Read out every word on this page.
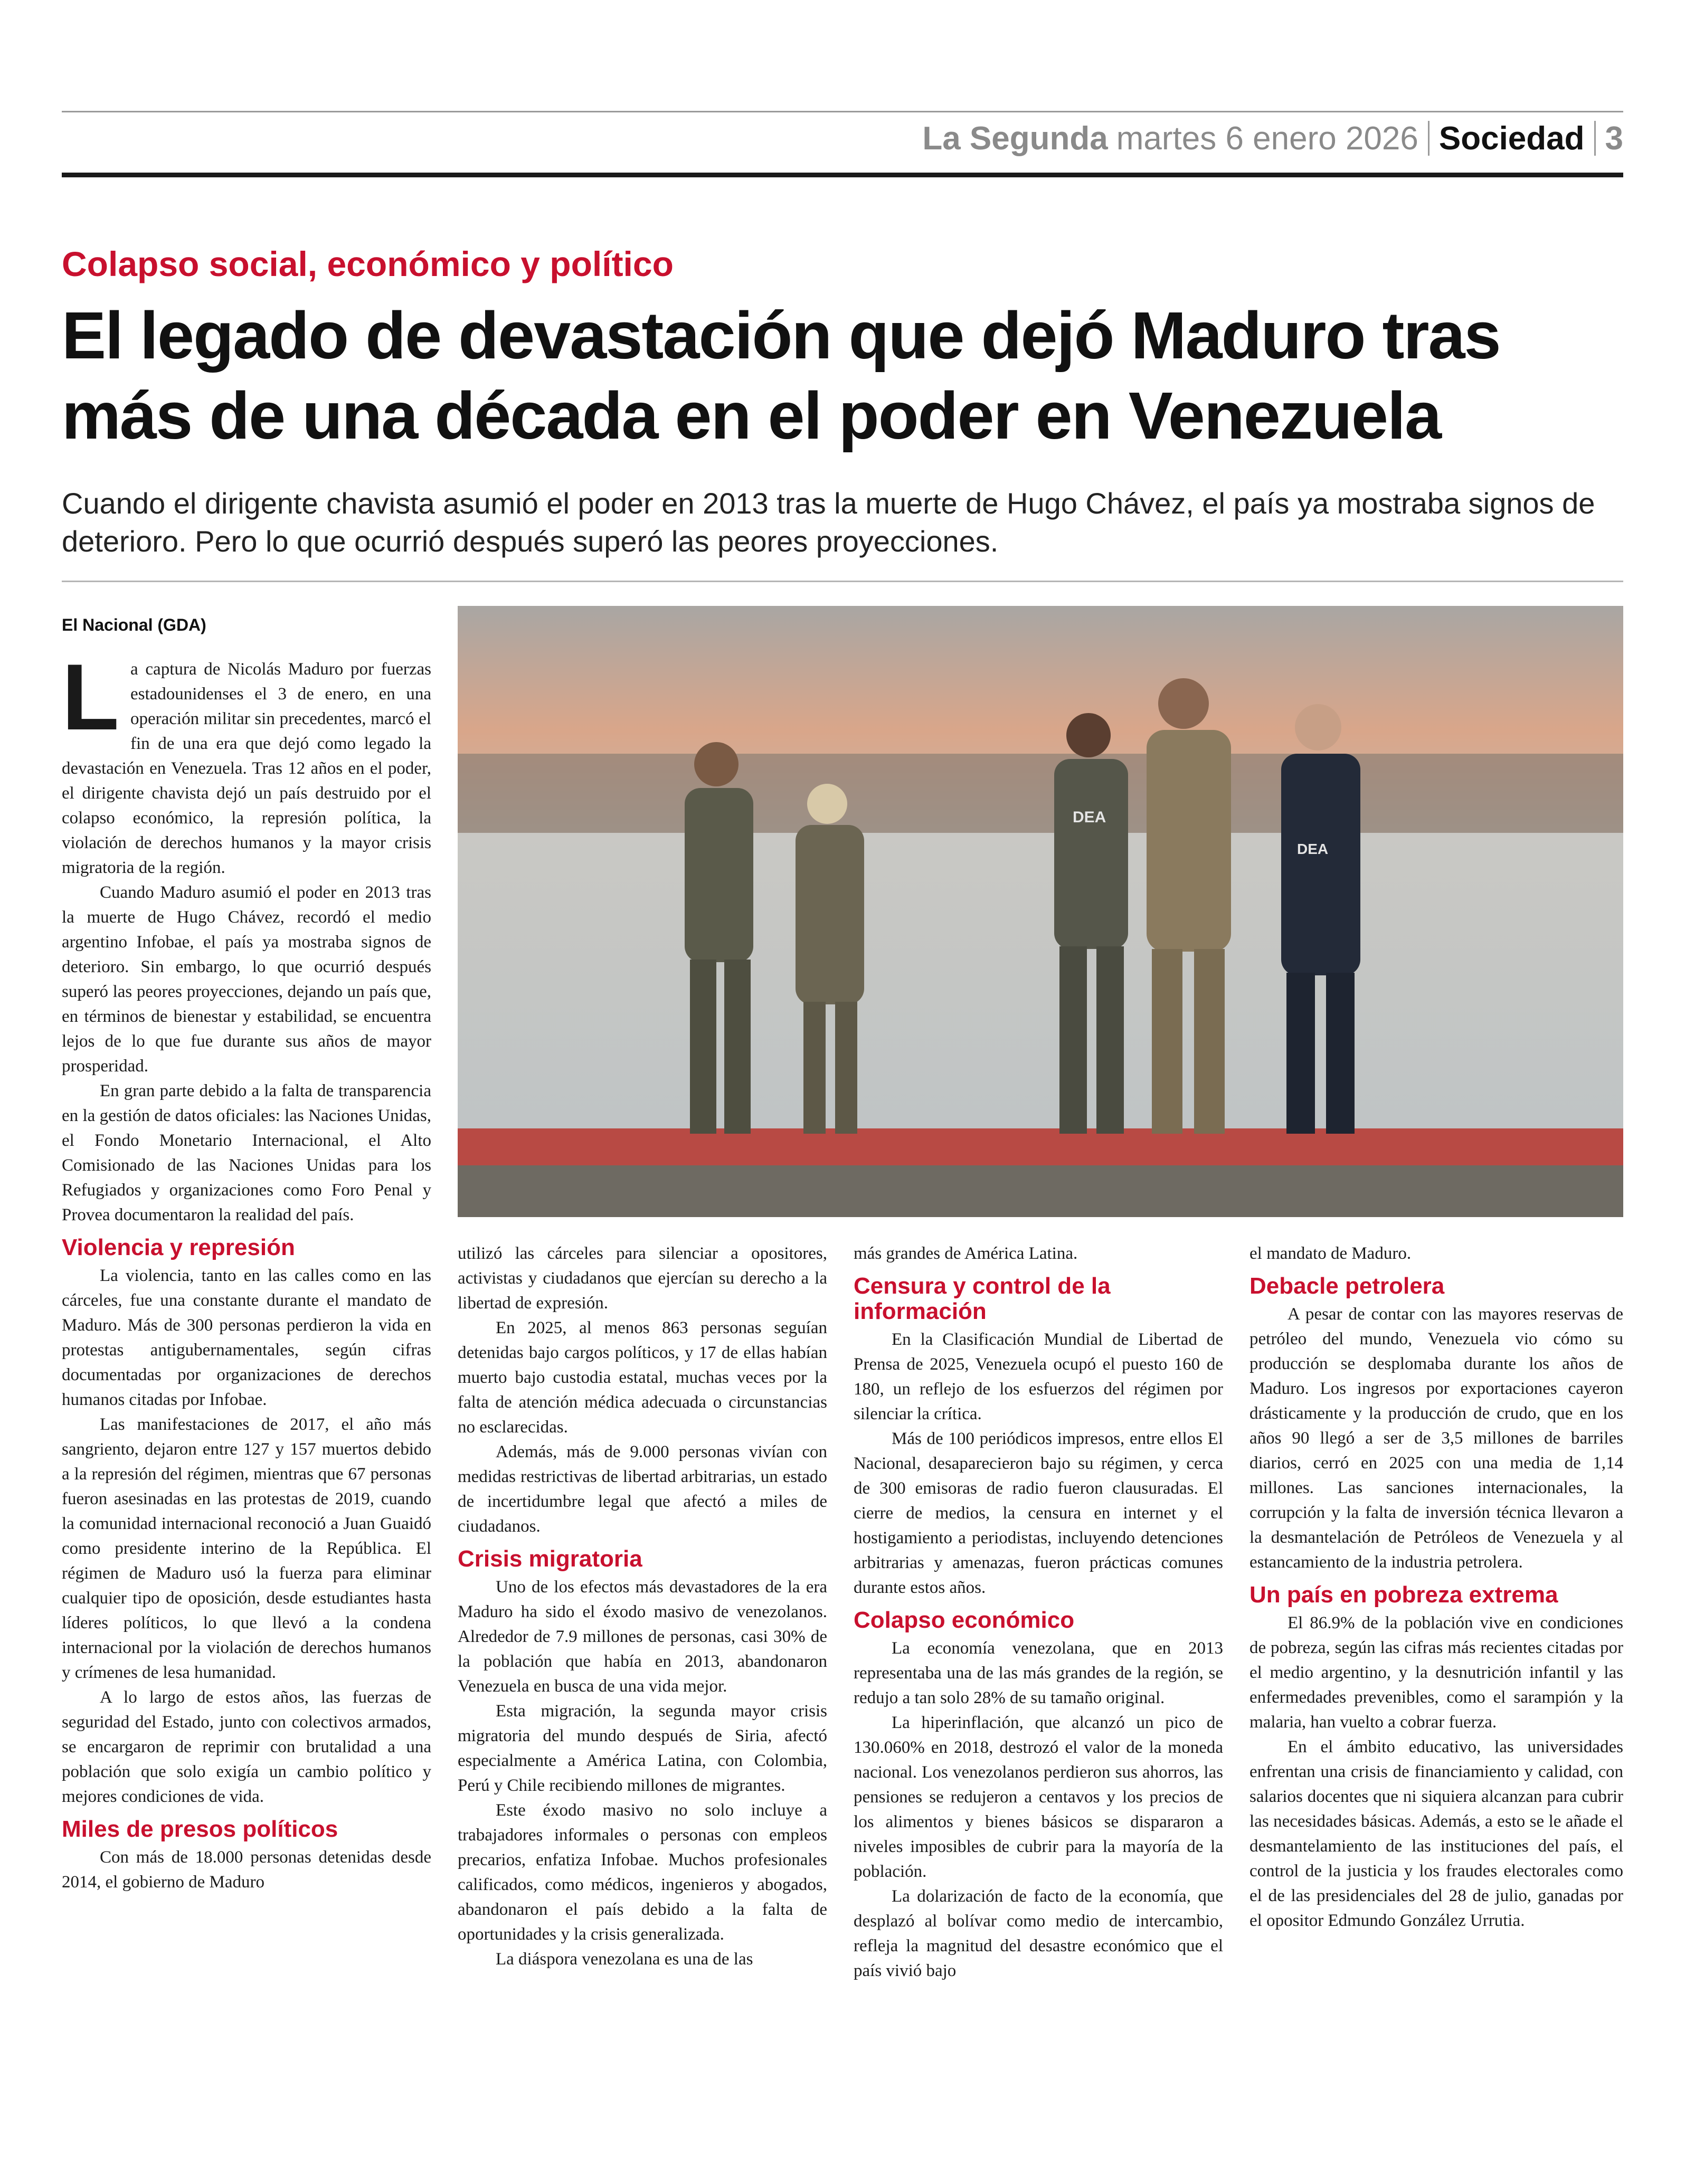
La Segunda martes 6 enero 2026 Sociedad 3
Colapso social, económico y político
El legado de devastación que dejó Maduro tras más de una década en el poder en Venezuela

Cuando el dirigente chavista asumió el poder en 2013 tras la muerte de Hugo Chávez, el país ya mostraba signos de deterioro. Pero lo que ocurrió después superó las peores proyecciones.

El Nacional (GDA)
L a captura de Nicolás Maduro por fuerzas estadounidenses el 3 de enero, en una operación militar sin precedentes, marcó el fin de una era que dejó como legado la devastación en Venezuela. Tras 12 años en el poder, el dirigente chavista dejó un país destruido por el colapso económico, la represión política, la violación de derechos humanos y la mayor crisis migratoria de la región.

Cuando Maduro asumió el poder en 2013 tras la muerte de Hugo Chávez, recordó el medio argentino Infobae, el país ya mostraba signos de deterioro. Sin embargo, lo que ocurrió después superó las peores proyecciones, dejando un país que, en términos de bienestar y estabilidad, se encuentra lejos de lo que fue durante sus años de mayor prosperidad.

En gran parte debido a la falta de transparencia en la gestión de datos oficiales: las Naciones Unidas, el Fondo Monetario Internacional, el Alto Comisionado de las Naciones Unidas para los Refugiados y organizaciones como Foro Penal y Provea documentaron la realidad del país.

Violencia y represión

La violencia, tanto en las calles como en las cárceles, fue una constante durante el mandato de Maduro. Más de 300 personas perdieron la vida en protestas antigubernamentales, según cifras documentadas por organizaciones de derechos humanos citadas por Infobae.

Las manifestaciones de 2017, el año más sangriento, dejaron entre 127 y 157 muertos debido a la represión del régimen, mientras que 67 personas fueron asesinadas en las protestas de 2019, cuando la comunidad internacional reconoció a Juan Guaidó como presidente interino de la República. El régimen de Maduro usó la fuerza para eliminar cualquier tipo de oposición, desde estudiantes hasta líderes políticos, lo que llevó a la condena internacional por la violación de derechos humanos y crímenes de lesa humanidad.

A lo largo de estos años, las fuerzas de seguridad del Estado, junto con colectivos armados, se encargaron de reprimir con brutalidad a una población que solo exigía un cambio político y mejores condiciones de vida.

Miles de presos políticos

Con más de 18.000 personas detenidas desde 2014, el gobierno de Maduro

DEA
DEA

utilizó las cárceles para silenciar a opositores, activistas y ciudadanos que ejercían su derecho a la libertad de expresión.

En 2025, al menos 863 personas seguían detenidas bajo cargos políticos, y 17 de ellas habían muerto bajo custodia estatal, muchas veces por la falta de atención médica adecuada o circunstancias no esclarecidas.

Además, más de 9.000 personas vivían con medidas restrictivas de libertad arbitrarias, un estado de incertidumbre legal que afectó a miles de ciudadanos.

Crisis migratoria

Uno de los efectos más devastadores de la era Maduro ha sido el éxodo masivo de venezolanos. Alrededor de 7.9 millones de personas, casi 30% de la población que había en 2013, abandonaron Venezuela en busca de una vida mejor.

Esta migración, la segunda mayor crisis migratoria del mundo después de Siria, afectó especialmente a América Latina, con Colombia, Perú y Chile recibiendo millones de migrantes.

Este éxodo masivo no solo incluye a trabajadores informales o personas con empleos precarios, enfatiza Infobae. Muchos profesionales calificados, como médicos, ingenieros y abogados, abandonaron el país debido a la falta de oportunidades y la crisis generalizada.

La diáspora venezolana es una de las

más grandes de América Latina.

Censura y control de la información

En la Clasificación Mundial de Libertad de Prensa de 2025, Venezuela ocupó el puesto 160 de 180, un reflejo de los esfuerzos del régimen por silenciar la crítica.

Más de 100 periódicos impresos, entre ellos El Nacional, desaparecieron bajo su régimen, y cerca de 300 emisoras de radio fueron clausuradas. El cierre de medios, la censura en internet y el hostigamiento a periodistas, incluyendo detenciones arbitrarias y amenazas, fueron prácticas comunes durante estos años.

Colapso económico

La economía venezolana, que en 2013 representaba una de las más grandes de la región, se redujo a tan solo 28% de su tamaño original.

La hiperinflación, que alcanzó un pico de 130.060% en 2018, destrozó el valor de la moneda nacional. Los venezolanos perdieron sus ahorros, las pensiones se redujeron a centavos y los precios de los alimentos y bienes básicos se dispararon a niveles imposibles de cubrir para la mayoría de la población.

La dolarización de facto de la economía, que desplazó al bolívar como medio de intercambio, refleja la magnitud del desastre económico que el país vivió bajo

el mandato de Maduro.

Debacle petrolera

A pesar de contar con las mayores reservas de petróleo del mundo, Venezuela vio cómo su producción se desplomaba durante los años de Maduro. Los ingresos por exportaciones cayeron drásticamente y la producción de crudo, que en los años 90 llegó a ser de 3,5 millones de barriles diarios, cerró en 2025 con una media de 1,14 millones. Las sanciones internacionales, la corrupción y la falta de inversión técnica llevaron a la desmantelación de Petróleos de Venezuela y al estancamiento de la industria petrolera.

Un país en pobreza extrema

El 86.9% de la población vive en condiciones de pobreza, según las cifras más recientes citadas por el medio argentino, y la desnutrición infantil y las enfermedades prevenibles, como el sarampión y la malaria, han vuelto a cobrar fuerza.

En el ámbito educativo, las universidades enfrentan una crisis de financiamiento y calidad, con salarios docentes que ni siquiera alcanzan para cubrir las necesidades básicas. Además, a esto se le añade el desmantelamiento de las instituciones del país, el control de la justicia y los fraudes electorales como el de las presidenciales del 28 de julio, ganadas por el opositor Edmundo González Urrutia.
